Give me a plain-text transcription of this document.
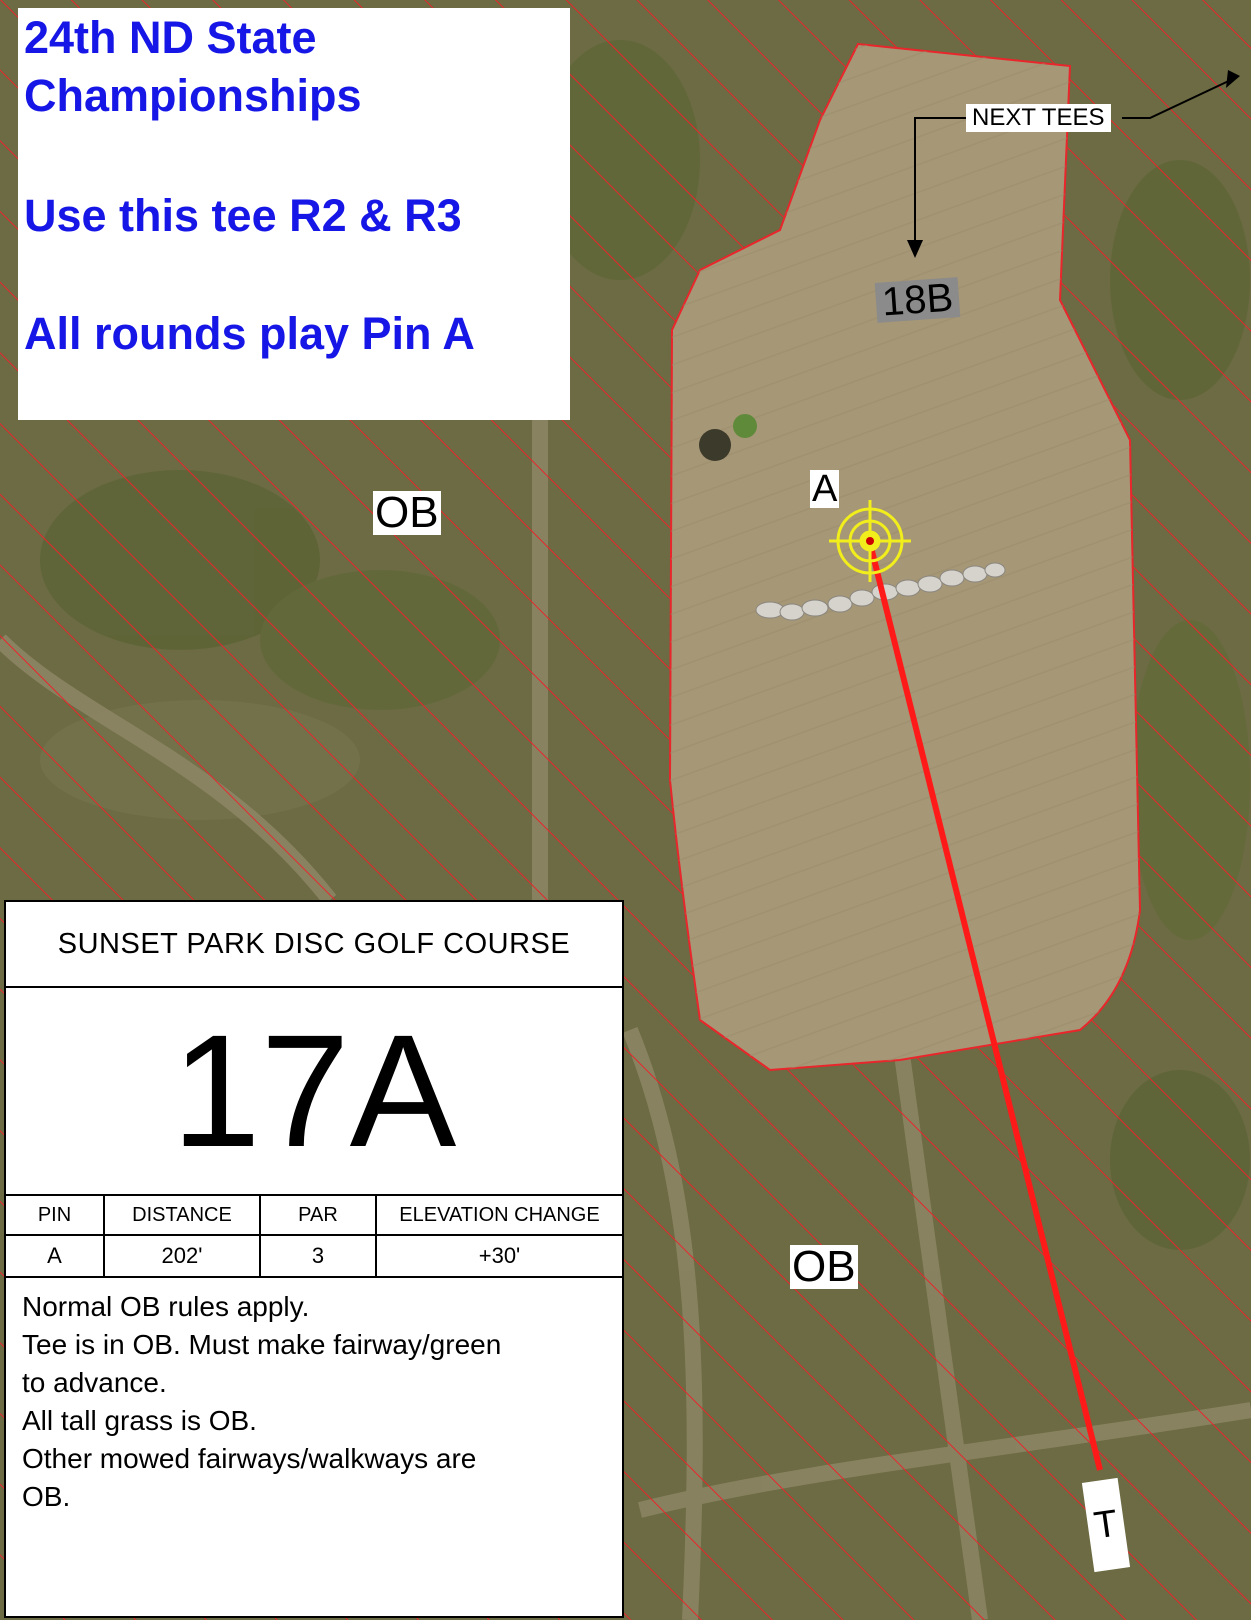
OB
OB
A
NEXT TEES
18B
T
24th ND State
Championships
Use this tee R2 & R3
All rounds play Pin A
SUNSET PARK DISC GOLF COURSE
17A
PIN	DISTANCE	PAR	ELEVATION CHANGE
A	202'	3	+30'
Normal OB rules apply.
Tee is in OB. Must make fairway/green
to advance.
All tall grass is OB.
Other mowed fairways/walkways are
OB.
